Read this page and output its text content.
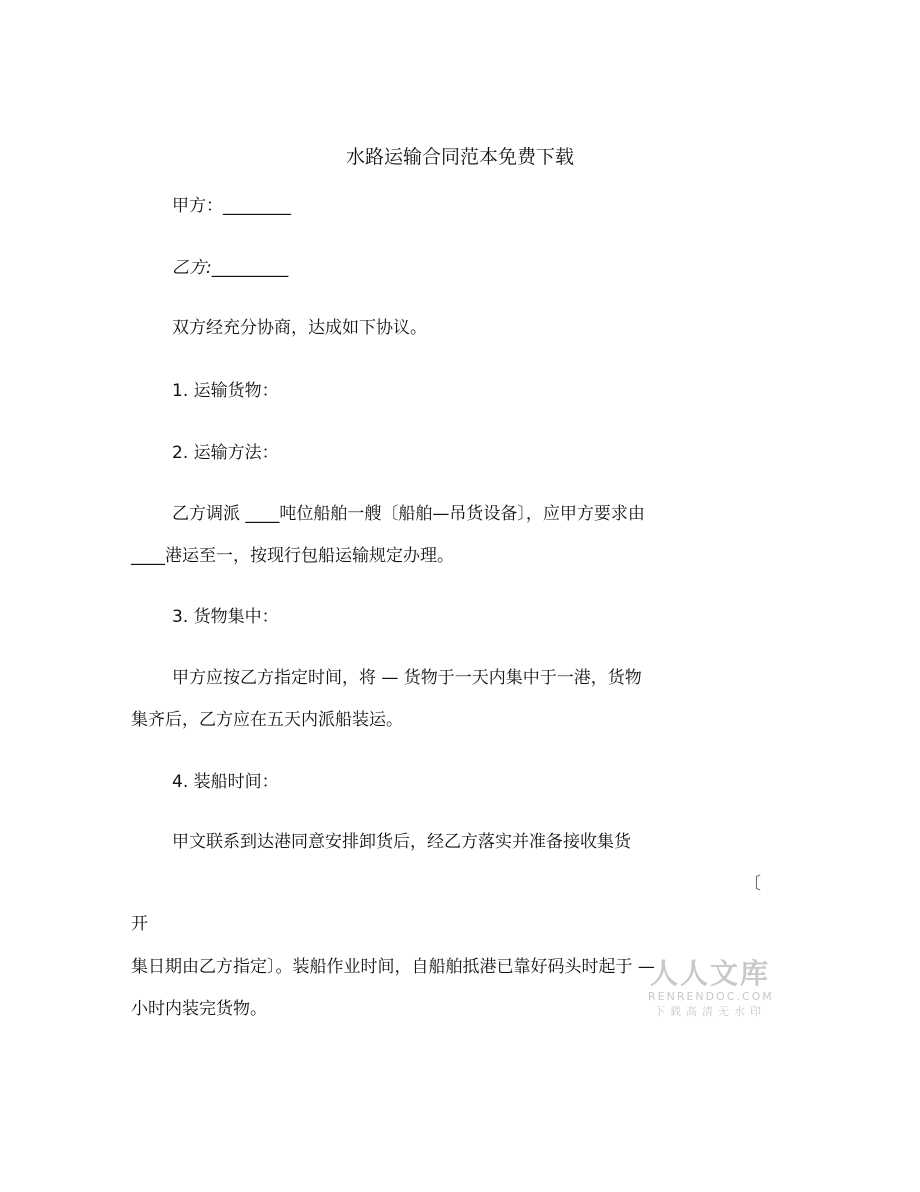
水路运输合同范本免费下载
甲方：________
乙方:_________
双方经充分协商，达成如下协议。
1. 运输货物：
2. 运输方法：
乙方调派 ____吨位船舶一艘〔船舶—吊货设备〕，应甲方要求由
____港运至一，按现行包船运输规定办理。
3. 货物集中：
甲方应按乙方指定时间，将 — 货物于一天内集中于一港，货物
集齐后，乙方应在五天内派船装运。
4. 装船时间：
甲文联系到达港同意安排卸货后，经乙方落实并准备接收集货
〔
开
集日期由乙方指定〕。装船作业时间，自船舶抵港已靠好码头时起于 —
小时内装完货物。
人人文库
RENRENDOC.COM
下载高清无水印
